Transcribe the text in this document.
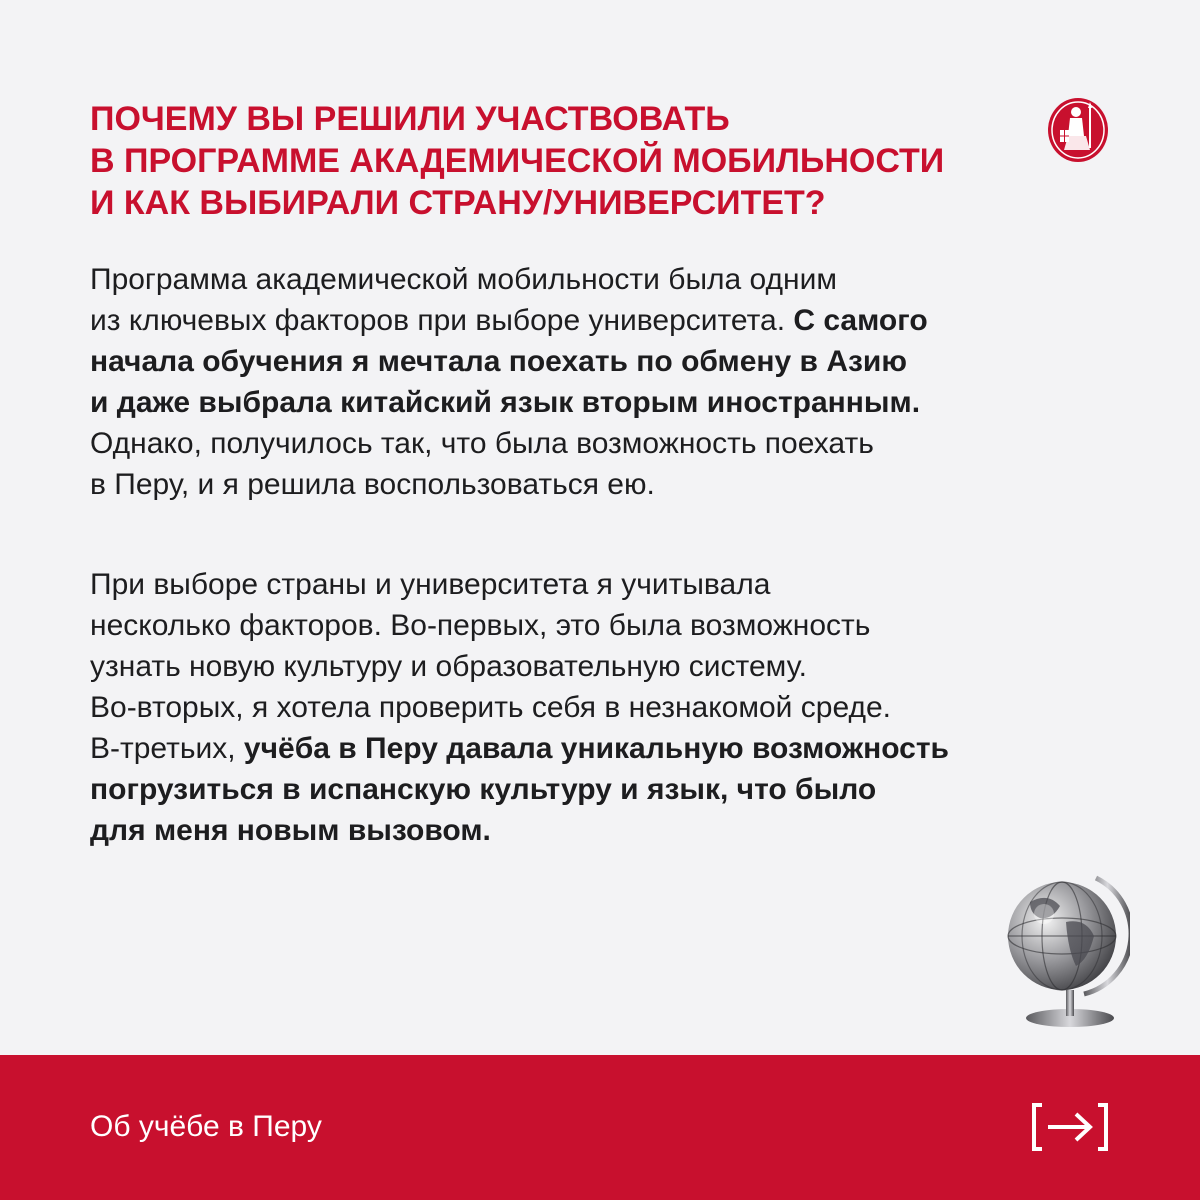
ПОЧЕМУ ВЫ РЕШИЛИ УЧАСТВОВАТЬ
В ПРОГРАММЕ АКАДЕМИЧЕСКОЙ МОБИЛЬНОСТИ
И КАК ВЫБИРАЛИ СТРАНУ/УНИВЕРСИТЕТ?

Программа академической мобильности была одним
из ключевых факторов при выборе университета. С самого
начала обучения я мечтала поехать по обмену в Азию
и даже выбрала китайский язык вторым иностранным.
Однако, получилось так, что была возможность поехать
в Перу, и я решила воспользоваться ею.

При выборе страны и университета я учитывала
несколько факторов. Во-первых, это была возможность
узнать новую культуру и образовательную систему.
Во-вторых, я хотела проверить себя в незнакомой среде.
В-третьих, учёба в Перу давала уникальную возможность
погрузиться в испанскую культуру и язык, что было
для меня новым вызовом.

Об учёбе в Перу
